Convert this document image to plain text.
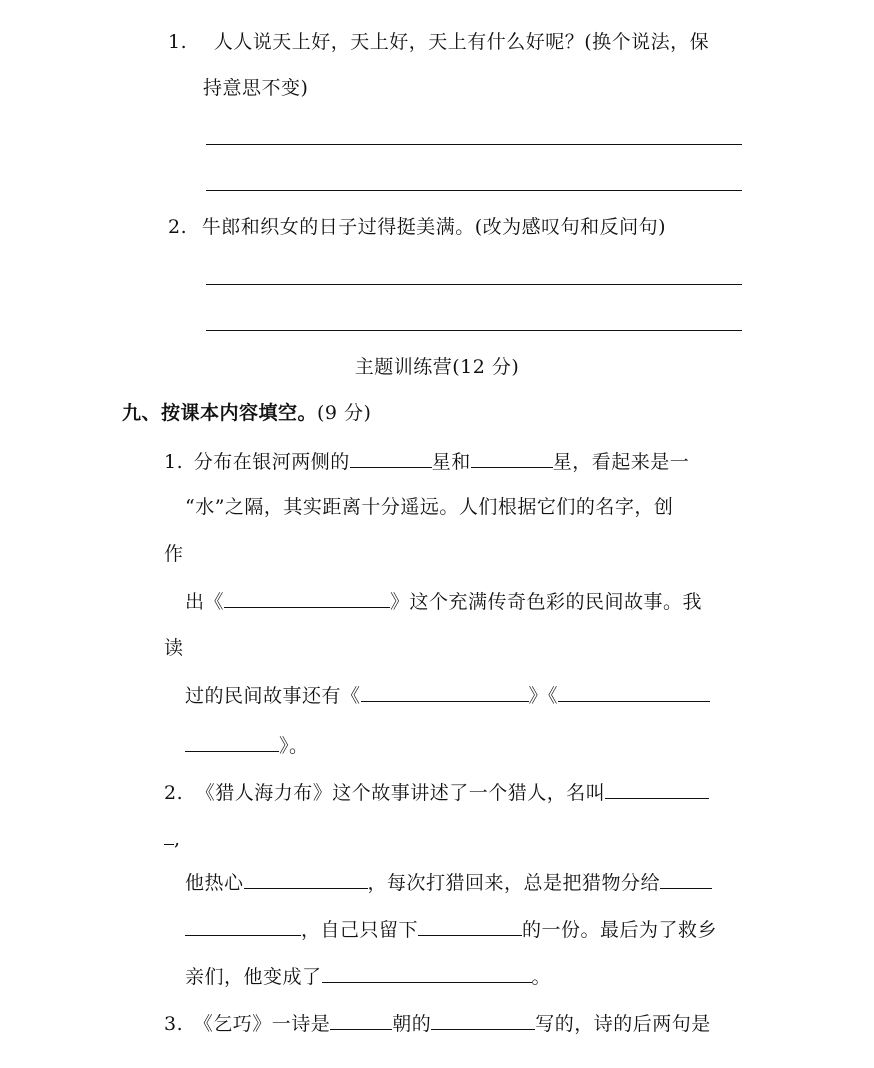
1. 人人说天上好，天上好，天上有什么好呢？(换个说法，保
持意思不变)
2. 牛郎和织女的日子过得挺美满。(改为感叹句和反问句)
主题训练营(12 分)
九、按课本内容填空。(9 分)
1. 分布在银河两侧的	星和	星，看起来是一
“水”之隔，其实距离十分遥远。人们根据它们的名字，创
作
出《	》这个充满传奇色彩的民间故事。我
读
过的民间故事还有《	》《
》。
2. 《猎人海力布》这个故事讲述了一个猎人，名叫
,
他热心	，每次打猎回来，总是把猎物分给
，自己只留下	的一份。最后为了救乡
亲们，他变成了	。
3. 《乞巧》一诗是	朝的	写的，诗的后两句是
